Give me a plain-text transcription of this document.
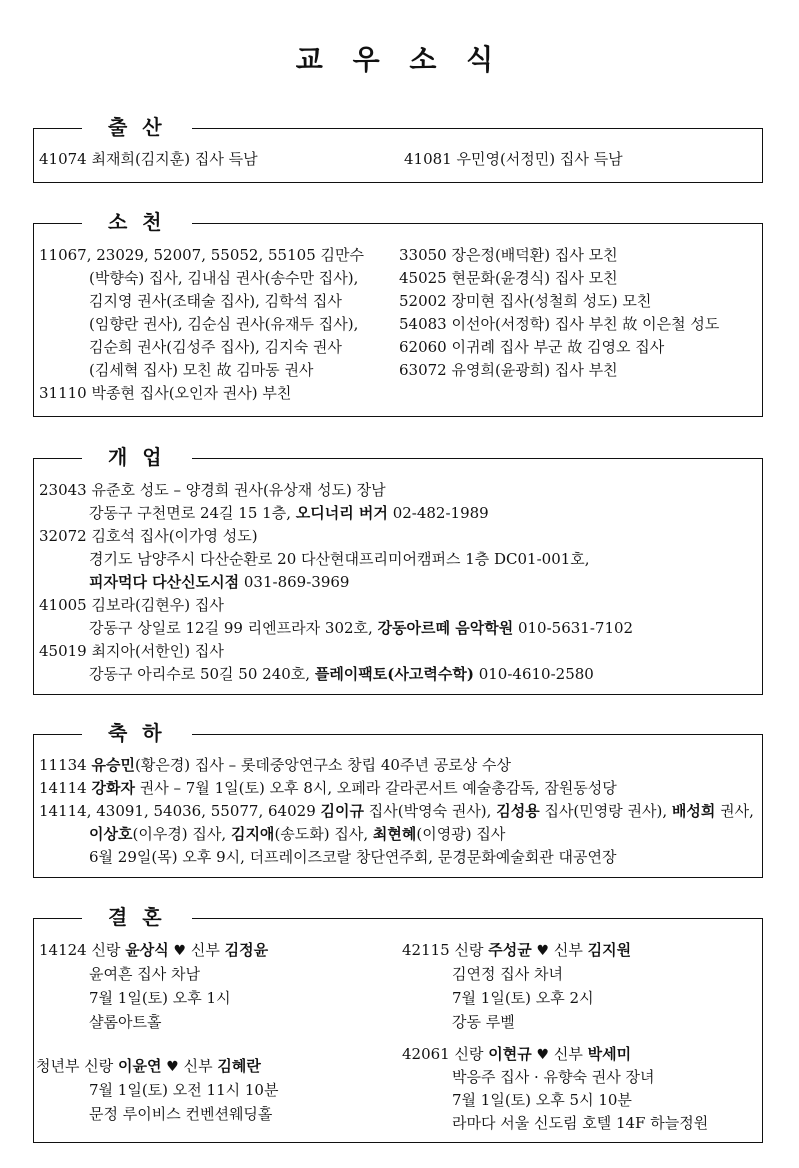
교 우 소 식
출 산
41074 최재희(김지훈) 집사 득남	41081 우민영(서정민) 집사 득남
소 천
11067, 23029, 52007, 55052, 55105 김만수
(박향숙) 집사, 김내심 권사(송수만 집사),
김지영 권사(조태술 집사), 김학석 집사
(임향란 권사), 김순심 권사(유재두 집사),
김순희 권사(김성주 집사), 김지숙 권사
(김세혁 집사) 모친 故 김마동 권사
31110 박종현 집사(오인자 권사) 부친
33050 장은정(배덕환) 집사 모친
45025 현문화(윤경식) 집사 모친
52002 장미현 집사(성철희 성도) 모친
54083 이선아(서정학) 집사 부친 故 이은철 성도
62060 이귀례 집사 부군 故 김영오 집사
63072 유영희(윤광희) 집사 부친
개 업
23043 유준호 성도 – 양경희 권사(유상재 성도) 장남
강동구 구천면로 24길 15 1층, 오디너리 버거 02-482-1989
32072 김호석 집사(이가영 성도)
경기도 남양주시 다산순환로 20 다산현대프리미어캠퍼스 1층 DC01-001호,
피자먹다 다산신도시점 031-869-3969
41005 김보라(김현우) 집사
강동구 상일로 12길 99 리엔프라자 302호, 강동아르떼 음악학원 010-5631-7102
45019 최지아(서한인) 집사
강동구 아리수로 50길 50 240호, 플레이팩토(사고력수학) 010-4610-2580
축 하
11134 유승민(황은경) 집사 – 롯데중앙연구소 창립 40주년 공로상 수상
14114 강화자 권사 – 7월 1일(토) 오후 8시, 오페라 갈라콘서트 예술총감독, 잠원동성당
14114, 43091, 54036, 55077, 64029 김이규 집사(박영숙 권사), 김성용 집사(민영랑 권사), 배성희 권사,
이상호(이우경) 집사, 김지애(송도화) 집사, 최현혜(이영광) 집사
6월 29일(목) 오후 9시, 더프레이즈코랄 창단연주회, 문경문화예술회관 대공연장
결 혼
14124 신랑 윤상식 ♥ 신부 김정윤
윤여흔 집사 차남
7월 1일(토) 오후 1시
샬롬아트홀
청년부 신랑 이윤연 ♥ 신부 김혜란
7월 1일(토) 오전 11시 10분
문정 루이비스 컨벤션웨딩홀
42115 신랑 주성균 ♥ 신부 김지원
김연정 집사 차녀
7월 1일(토) 오후 2시
강동 루벨
42061 신랑 이현규 ♥ 신부 박세미
박응주 집사 · 유향숙 권사 장녀
7월 1일(토) 오후 5시 10분
라마다 서울 신도림 호텔 14F 하늘정원
